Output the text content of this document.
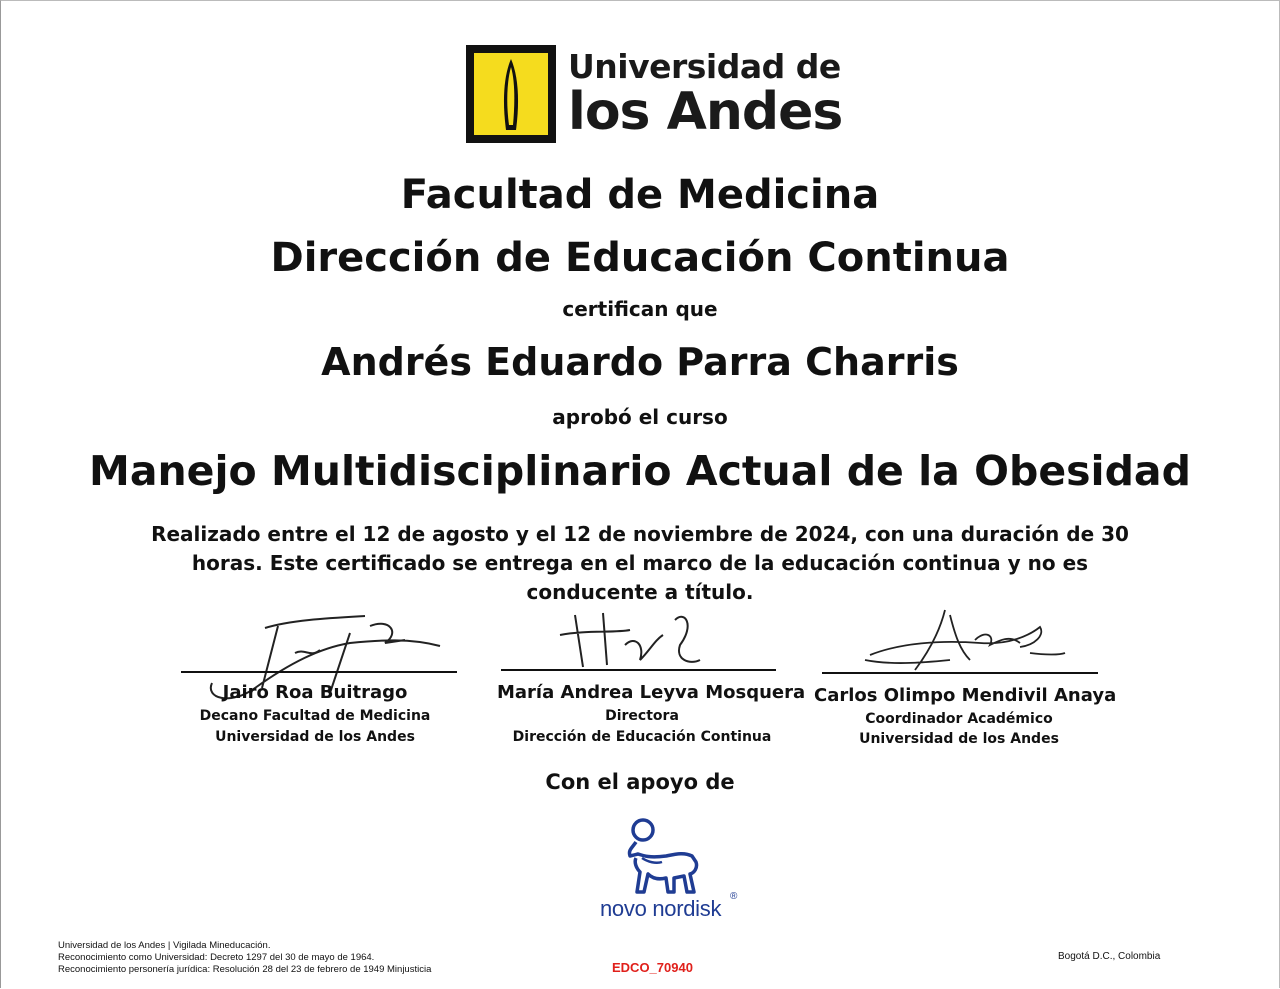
Universidad de
los Andes
Facultad de Medicina
Dirección de Educación Continua
certifican que
Andrés Eduardo Parra Charris
aprobó el curso
Manejo Multidisciplinario Actual de la Obesidad
Realizado entre el 12 de agosto y el 12 de noviembre de 2024, con una duración de 30 horas. Este certificado se entrega en el marco de la educación continua y no es conducente a título.
Jairo Roa Buitrago
Decano Facultad de Medicina
Universidad de los Andes
María Andrea Leyva Mosquera
Directora
Dirección de Educación Continua
Carlos Olimpo Mendivil Anaya
Coordinador Académico
Universidad de los Andes
Con el apoyo de
novo nordisk ®
Universidad de los Andes | Vigilada Mineducación.
Reconocimiento como Universidad: Decreto 1297 del 30 de mayo de 1964.
Reconocimiento personería jurídica: Resolución 28 del 23 de febrero de 1949 Minjusticia	EDCO_70940
Bogotá D.C., Colombia
